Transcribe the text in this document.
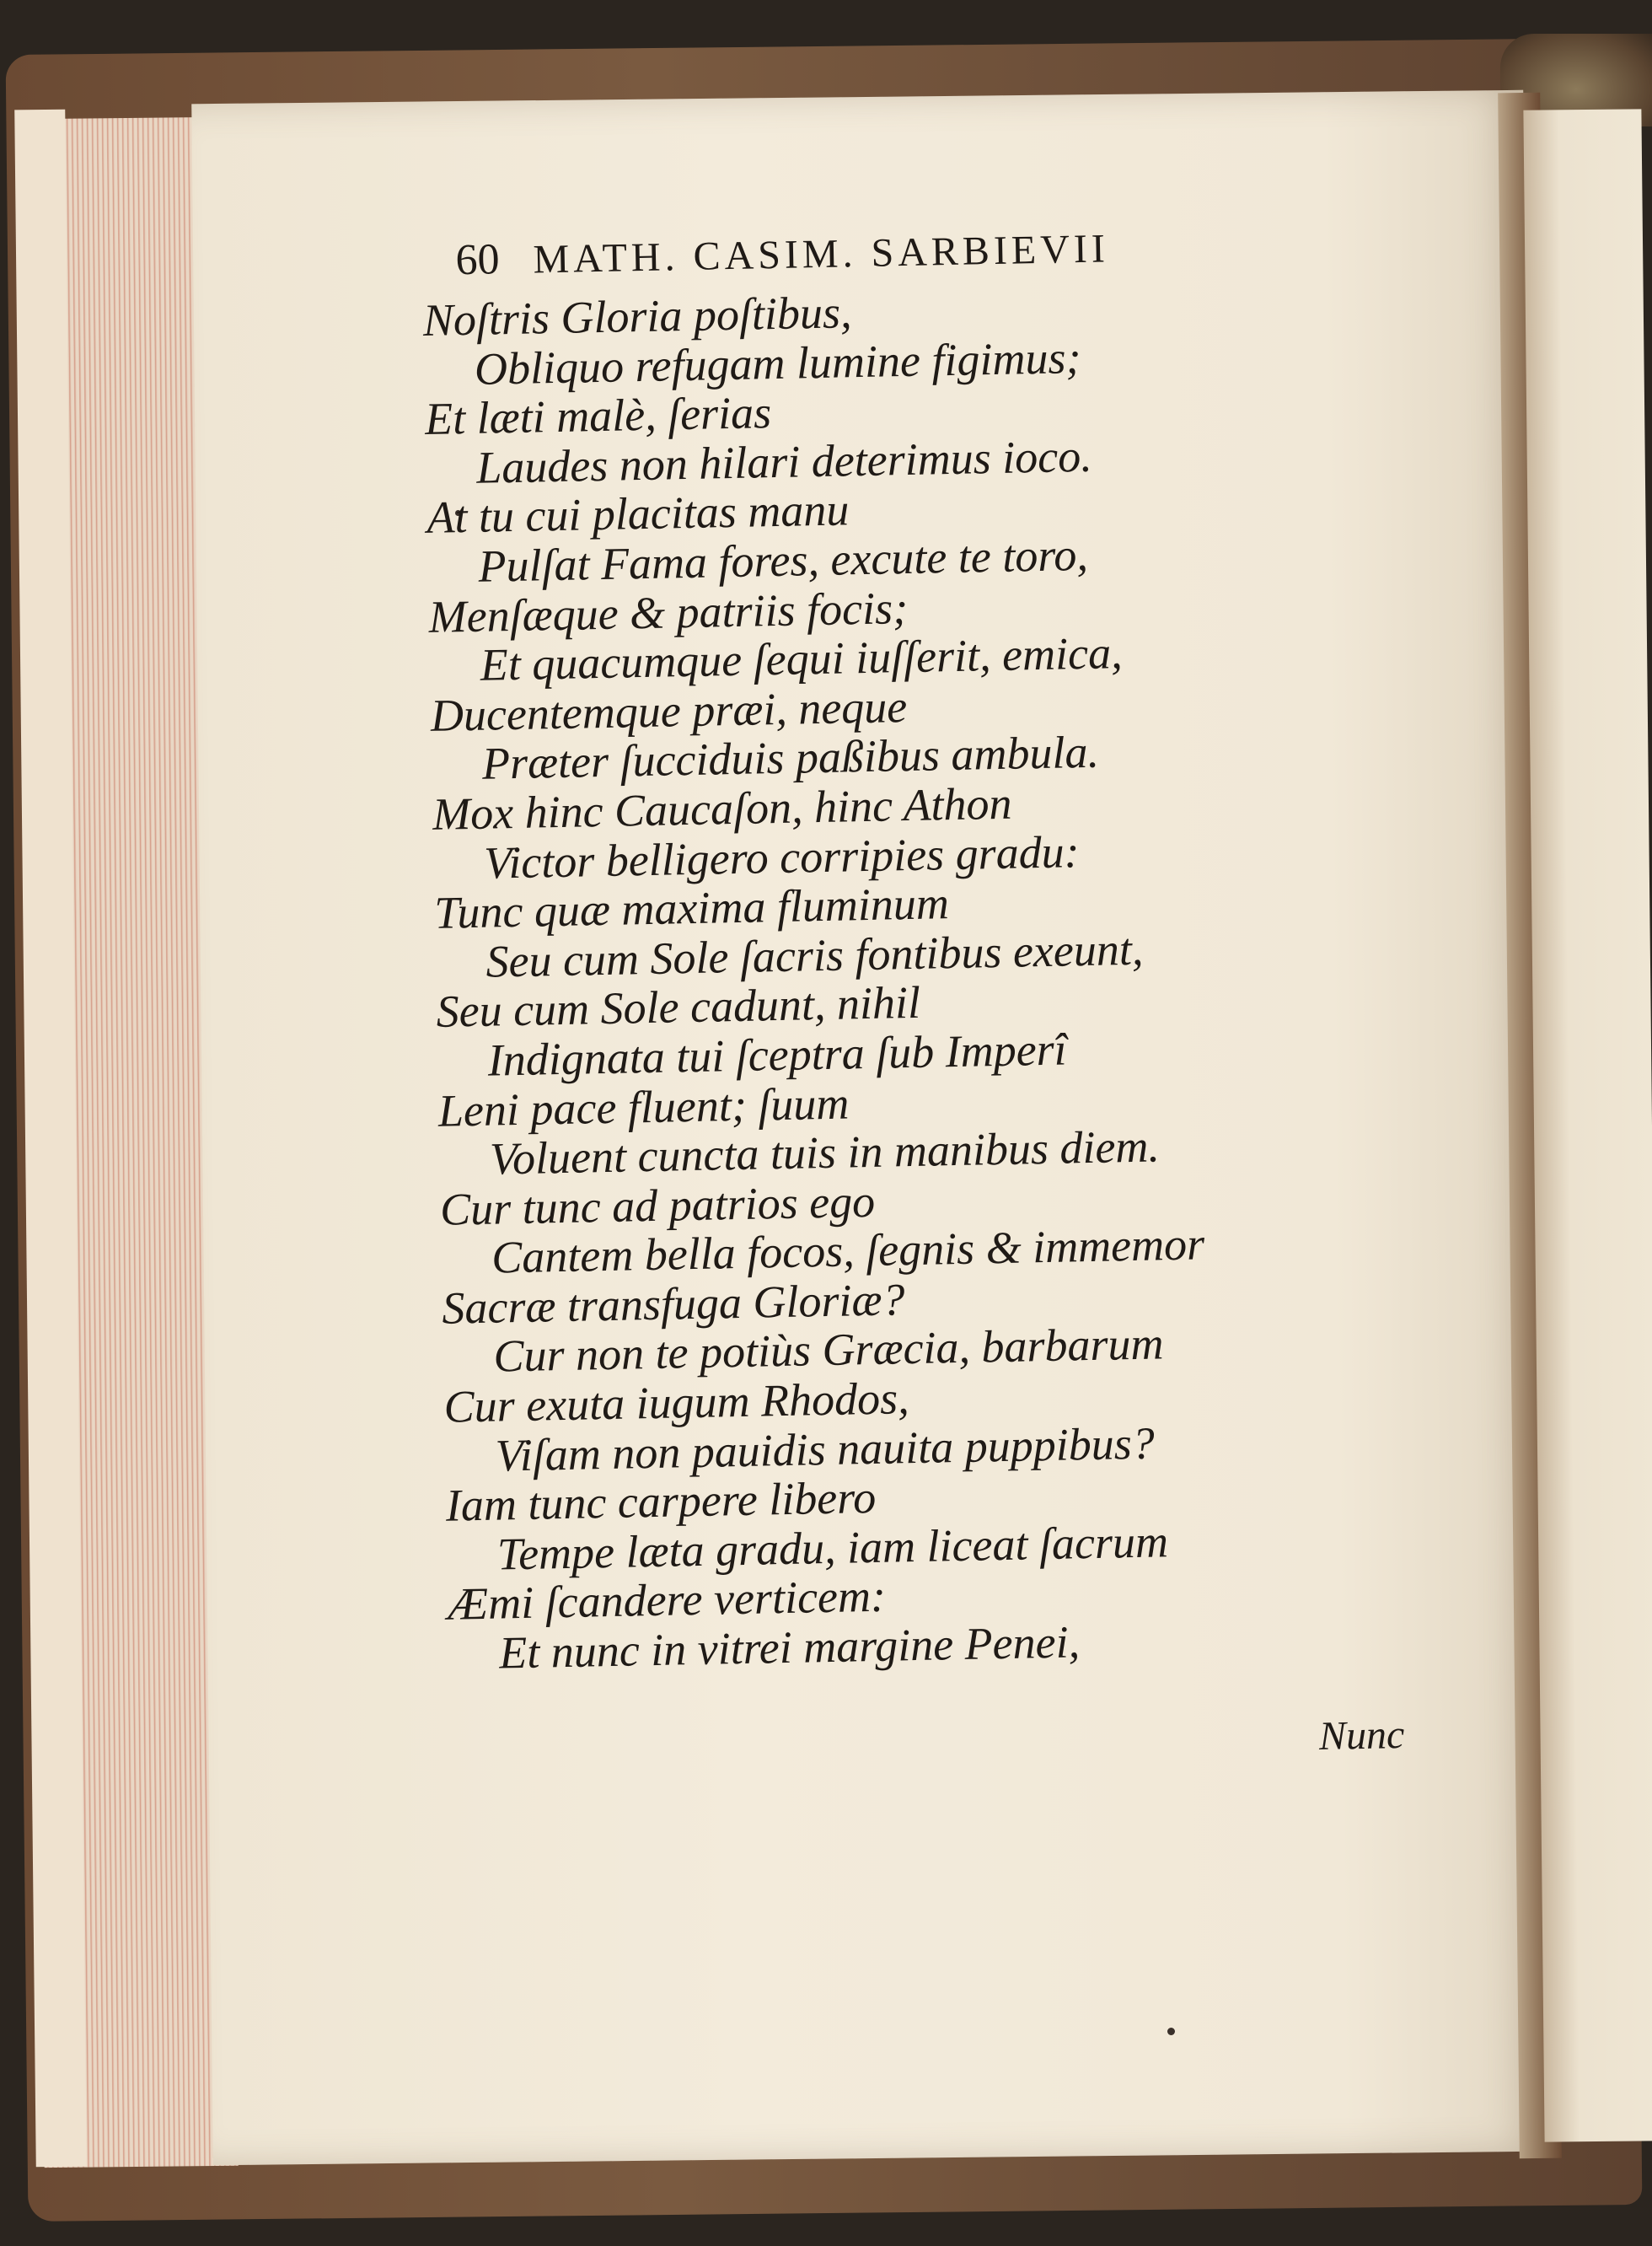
60 MATH. CASIM. SARBIEVII
Noſtris Gloria poſtibus,
Obliquo refugam lumine figimus;
Et læti malè, ſerias
Laudes non hilari deterimus ioco.
At tu cui placitas manu
Pulſat Fama fores, excute te toro,
Menſæque & patriis focis;
Et quacumque ſequi iuſſerit, emica,
Ducentemque præi, neque
Præter ſucciduis paßibus ambula.
Mox hinc Caucaſon, hinc Athon
Victor belligero corripies gradu:
Tunc quæ maxima fluminum
Seu cum Sole ſacris fontibus exeunt,
Seu cum Sole cadunt, nihil
Indignata tui ſceptra ſub Imperî
Leni pace fluent; ſuum
Voluent cuncta tuis in manibus diem.
Cur tunc ad patrios ego
Cantem bella focos, ſegnis & immemor
Sacræ transfuga Gloriæ?
Cur non te potiùs Græcia, barbarum
Cur exuta iugum Rhodos,
Viſam non pauidis nauita puppibus?
Iam tunc carpere libero
Tempe læta gradu, iam liceat ſacrum
Æmi ſcandere verticem:
Et nunc in vitrei margine Penei,
Nunc
